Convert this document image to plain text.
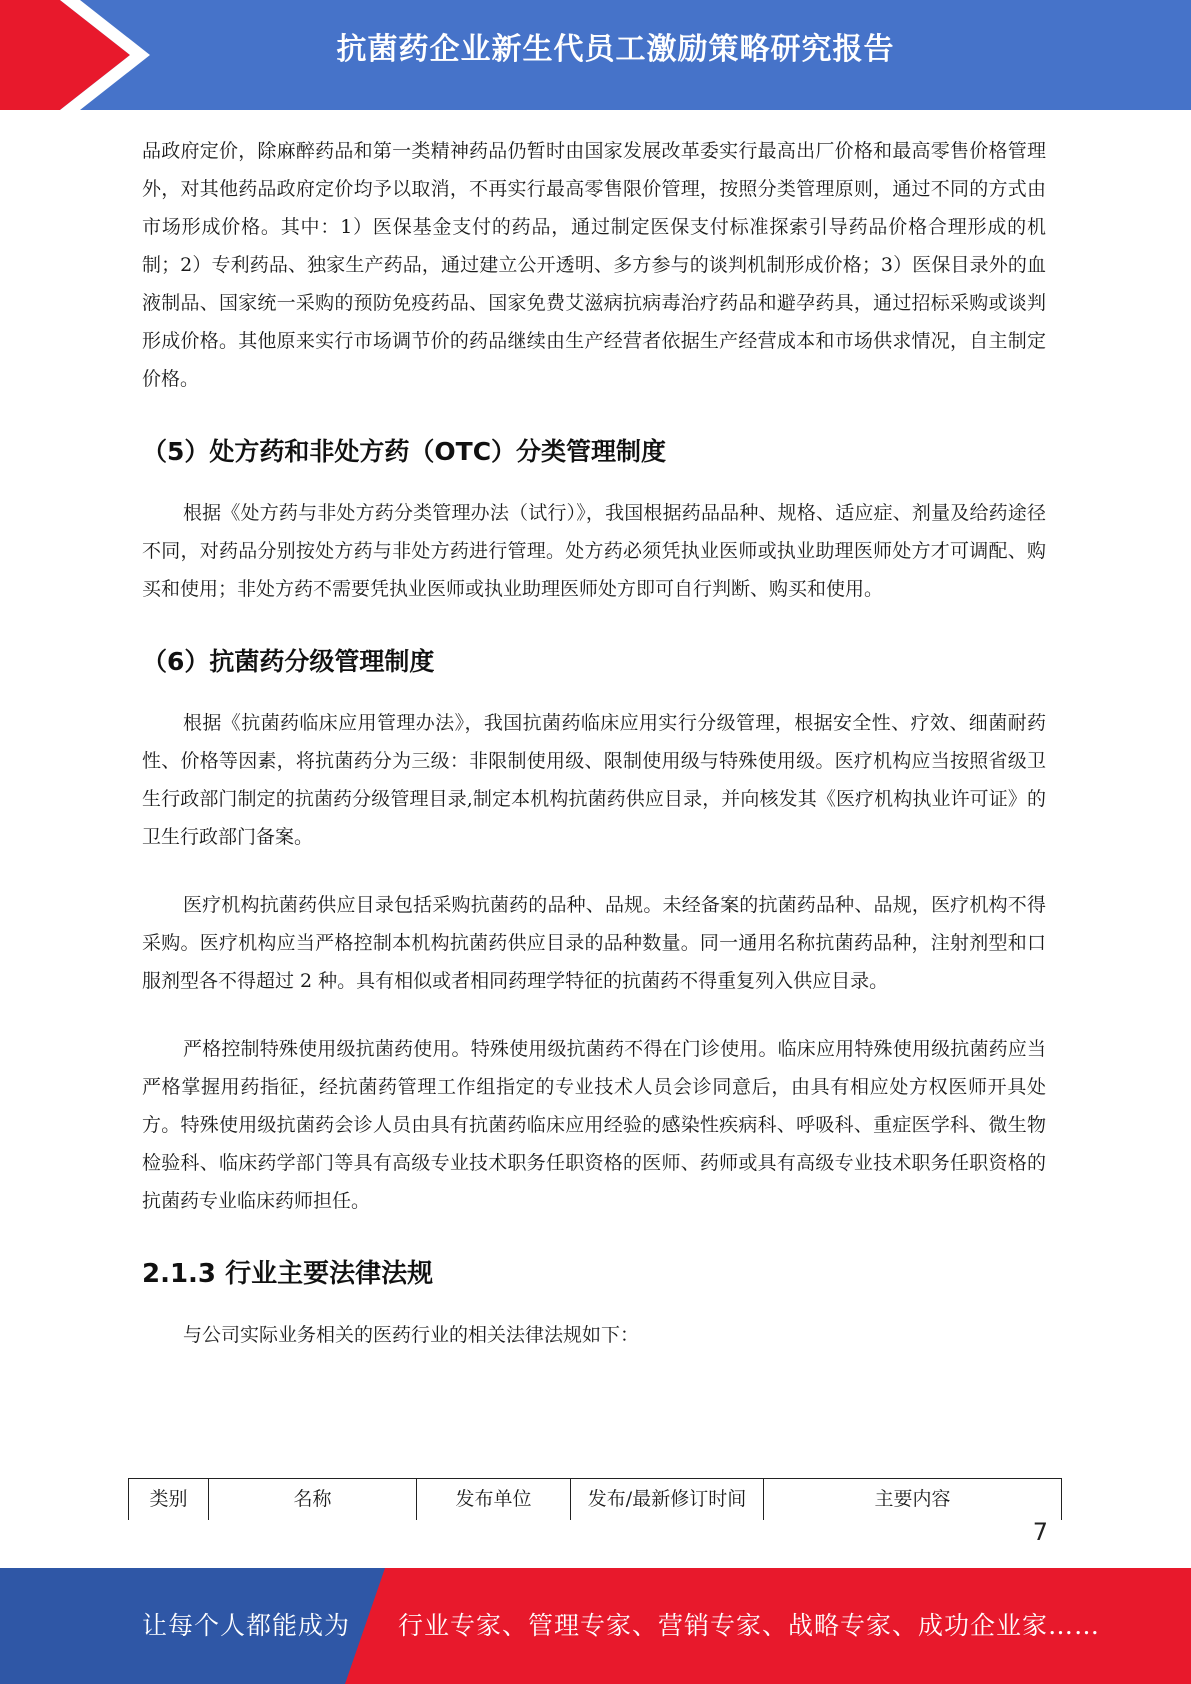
抗菌药企业新生代员工激励策略研究报告

品政府定价，除麻醉药品和第一类精神药品仍暂时由国家发展改革委实行最高出厂价格和最高零售价格管理外，对其他药品政府定价均予以取消，不再实行最高零售限价管理，按照分类管理原则，通过不同的方式由市场形成价格。其中：1）医保基金支付的药品，通过制定医保支付标准探索引导药品价格合理形成的机制；2）专利药品、独家生产药品，通过建立公开透明、多方参与的谈判机制形成价格；3）医保目录外的血液制品、国家统一采购的预防免疫药品、国家免费艾滋病抗病毒治疗药品和避孕药具，通过招标采购或谈判形成价格。其他原来实行市场调节价的药品继续由生产经营者依据生产经营成本和市场供求情况，自主制定价格。

（5）处方药和非处方药（OTC）分类管理制度

根据《处方药与非处方药分类管理办法（试行）》，我国根据药品品种、规格、适应症、剂量及给药途径不同，对药品分别按处方药与非处方药进行管理。处方药必须凭执业医师或执业助理医师处方才可调配、购买和使用；非处方药不需要凭执业医师或执业助理医师处方即可自行判断、购买和使用。

（6）抗菌药分级管理制度

根据《抗菌药临床应用管理办法》，我国抗菌药临床应用实行分级管理，根据安全性、疗效、细菌耐药性、价格等因素，将抗菌药分为三级：非限制使用级、限制使用级与特殊使用级。医疗机构应当按照省级卫生行政部门制定的抗菌药分级管理目录,制定本机构抗菌药供应目录，并向核发其《医疗机构执业许可证》的卫生行政部门备案。

医疗机构抗菌药供应目录包括采购抗菌药的品种、品规。未经备案的抗菌药品种、品规，医疗机构不得采购。医疗机构应当严格控制本机构抗菌药供应目录的品种数量。同一通用名称抗菌药品种，注射剂型和口服剂型各不得超过 2 种。具有相似或者相同药理学特征的抗菌药不得重复列入供应目录。

严格控制特殊使用级抗菌药使用。特殊使用级抗菌药不得在门诊使用。临床应用特殊使用级抗菌药应当严格掌握用药指征，经抗菌药管理工作组指定的专业技术人员会诊同意后，由具有相应处方权医师开具处方。特殊使用级抗菌药会诊人员由具有抗菌药临床应用经验的感染性疾病科、呼吸科、重症医学科、微生物检验科、临床药学部门等具有高级专业技术职务任职资格的医师、药师或具有高级专业技术职务任职资格的抗菌药专业临床药师担任。

2.1.3 行业主要法律法规

与公司实际业务相关的医药行业的相关法律法规如下：

类别	名称	发布单位	发布/最新修订时间	主要内容
7
让每个人都能成为 行业专家、管理专家、营销专家、战略专家、成功企业家……
